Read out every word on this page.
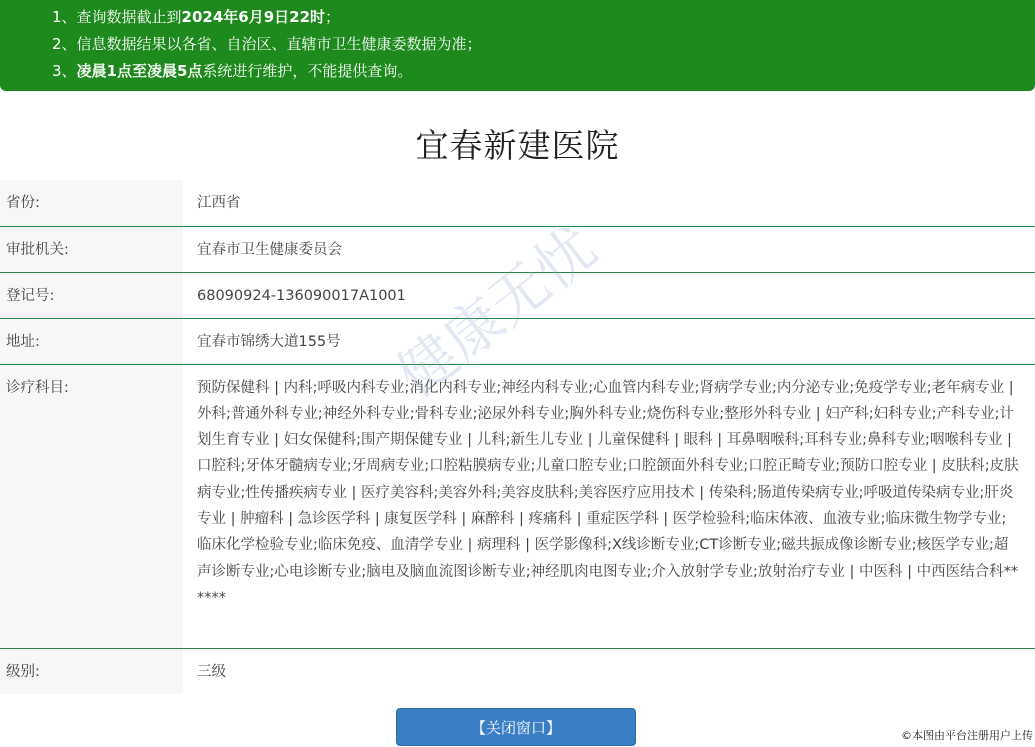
1、查询数据截止到2024年6月9日22时；

2、信息数据结果以各省、自治区、直辖市卫生健康委数据为准；

3、凌晨1点至凌晨5点系统进行维护，不能提供查询。

宜春新建医院
省份:	江西省
审批机关:	宜春市卫生健康委员会
登记号:	68090924-136090017A1001
地址:	宜春市锦绣大道155号
诊疗科目:	预防保健科 | 内科;呼吸内科专业;消化内科专业;神经内科专业;心血管内科专业;肾病学专业;内分泌专业;免疫学专业;老年病专业 | 外科;普通外科专业;神经外科专业;骨科专业;泌尿外科专业;胸外科专业;烧伤科专业;整形外科专业 | 妇产科;妇科专业;产科专业;计划生育专业 | 妇女保健科;围产期保健专业 | 儿科;新生儿专业 | 儿童保健科 | 眼科 | 耳鼻咽喉科;耳科专业;鼻科专业;咽喉科专业 | 口腔科;牙体牙髓病专业;牙周病专业;口腔粘膜病专业;儿童口腔专业;口腔颌面外科专业;口腔正畸专业;预防口腔专业 | 皮肤科;皮肤病专业;性传播疾病专业 | 医疗美容科;美容外科;美容皮肤科;美容医疗应用技术 | 传染科;肠道传染病专业;呼吸道传染病专业;肝炎专业 | 肿瘤科 | 急诊医学科 | 康复医学科 | 麻醉科 | 疼痛科 | 重症医学科 | 医学检验科;临床体液、血液专业;临床微生物学专业;临床化学检验专业;临床免疫、血清学专业 | 病理科 | 医学影像科;X线诊断专业;CT诊断专业;磁共振成像诊断专业;核医学专业;超声诊断专业;心电诊断专业;脑电及脑血流图诊断专业;神经肌肉电图专业;介入放射学专业;放射治疗专业 | 中医科 | 中西医结合科******
级别:	三级
健康无忧
【关闭窗口】	©本图由平台注册用户上传
